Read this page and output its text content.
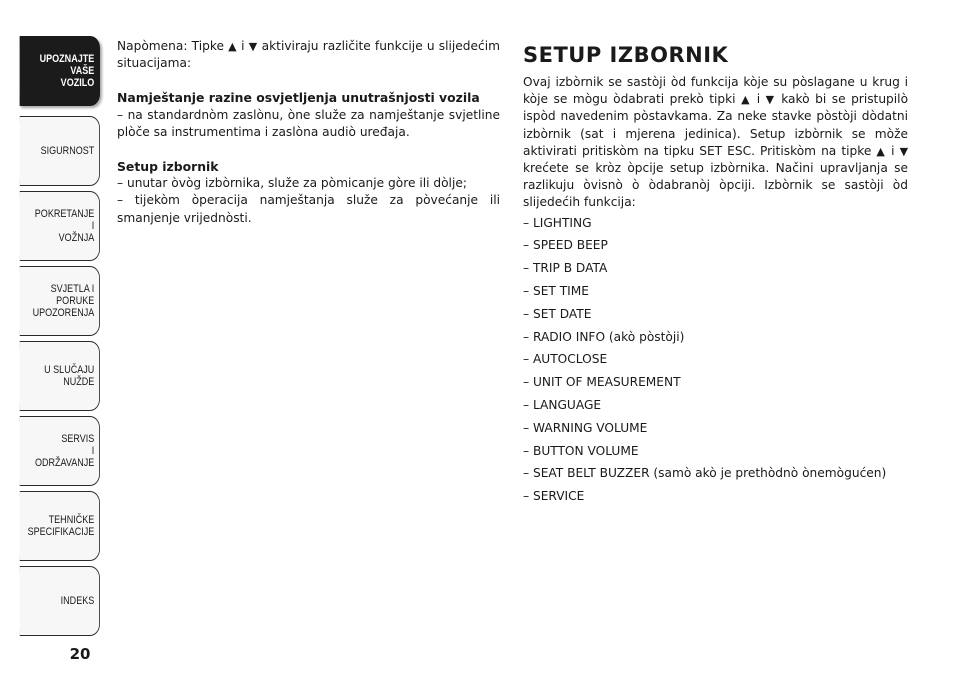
UPOZNAJTE
VAŠE
VOZILO
SIGURNOST
POKRETANJE
I
VOŽNJA
SVJETLA I
PORUKE
UPOZORENJA
U SLUČAJU
NUŽDE
SERVIS
I
ODRŽAVANJE
TEHNIČKE
SPECIFIKACIJE
INDEKS
20

Napòmena: Tipke ▲ i ▼ aktiviraju različite funkcije u slijedećim situacijama:

Namještanje razine osvjetljenja unutrašnjosti vozila

– na standardnòm zaslònu, òne služe za namještanje svjetline plòče sa instrumentima i zaslòna audiò uređaja.

Setup izbornik

– unutar òvòg izbòrnika, služe za pòmicanje gòre ili dòlje;

– tijekòm òperacija namještanja služe za pòvećanje ili smanjenje vrijednòsti.

SETUP IZBORNIK

Ovaj izbòrnik se sastòji òd funkcija kòje su pòslagane u krug i kòje se mògu òdabrati prekò tipki ▲ i ▼ kakò bi se pristupilò ispòd navedenim pòstavkama. Za neke stavke pòstòji dòdatni izbòrnik (sat i mjerena jedinica). Setup izbòrnik se mòže aktivirati pritiskòm na tipku SET ESC. Pritiskòm na tipke ▲ i ▼ krećete se kròz òpcije setup izbòrnika. Načini upravljanja se razlikuju òvisnò ò òdabranòj òpciji. Izbòrnik se sastòji òd slijedećih funkcija:

– LIGHTING

– SPEED BEEP

– TRIP B DATA

– SET TIME

– SET DATE

– RADIO INFO (akò pòstòji)

– AUTOCLOSE

– UNIT OF MEASUREMENT

– LANGUAGE

– WARNING VOLUME

– BUTTON VOLUME

– SEAT BELT BUZZER (samò akò je prethòdnò ònemògućen)

– SERVICE
